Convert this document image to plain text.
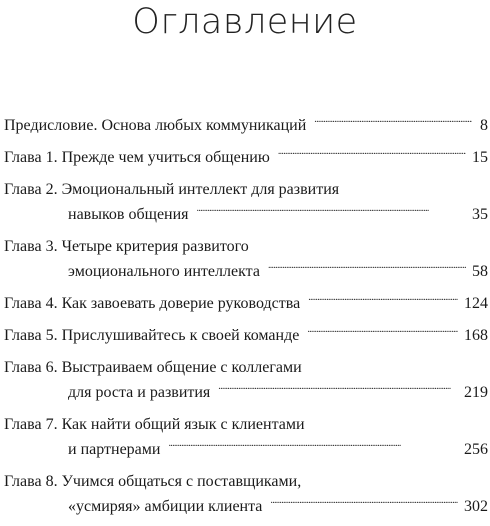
Оглавление
Предисловие. Основа любых коммуникаций . . .	8
Глава 1. Прежде чем учиться общению . . .	15
Глава 2. Эмоциональный интеллект для развития
навыков общения . . .	35
Глава 3. Четыре критерия развитого
эмоционального интеллекта . . .	58
Глава 4. Как завоевать доверие руководства . . .	124
Глава 5. Прислушивайтесь к своей команде . . .	168
Глава 6. Выстраиваем общение с коллегами
для роста и развития . . .	219
Глава 7. Как найти общий язык с клиентами
и партнерами . . .	256
Глава 8. Учимся общаться с поставщиками,
«усмиряя» амбиции клиента . . .	302
